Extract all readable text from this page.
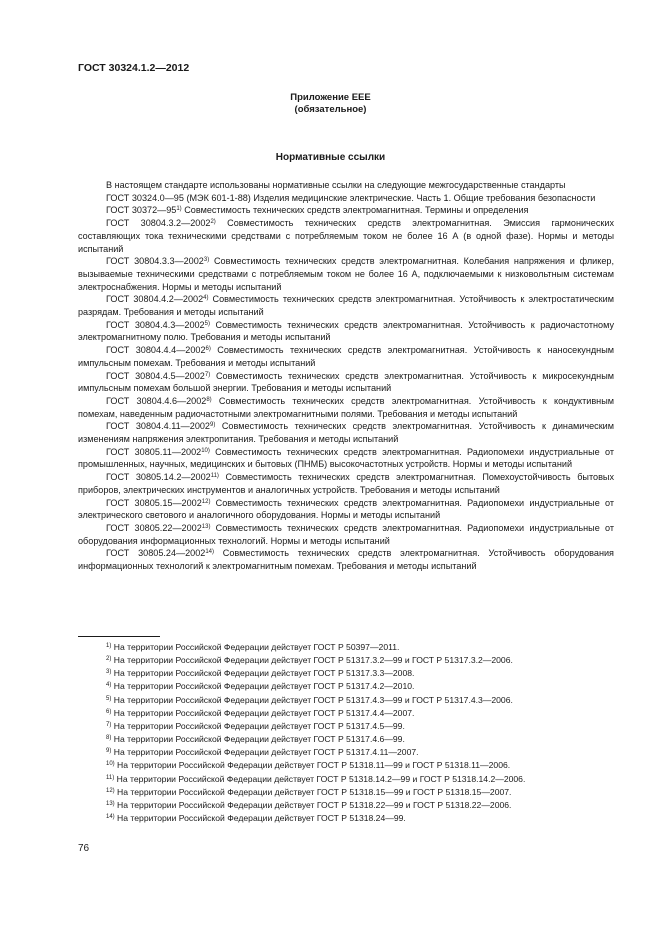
ГОСТ 30324.1.2—2012
Приложение ЕЕЕ
(обязательное)
Нормативные ссылки

В настоящем стандарте использованы нормативные ссылки на следующие межгосударственные стандарты

ГОСТ 30324.0—95 (МЭК 601-1-88) Изделия медицинские электрические. Часть 1. Общие требования безопасности

ГОСТ 30372—95$^{1)}$ Совместимость технических средств электромагнитная. Термины и определения

ГОСТ 30804.3.2—2002$^{2)}$ Совместимость технических средств электромагнитная. Эмиссия гармонических составляющих тока техническими средствами с потребляемым током не более 16 А (в одной фазе). Нормы и методы испытаний

ГОСТ 30804.3.3—2002$^{3)}$ Совместимость технических средств электромагнитная. Колебания напряжения и фликер, вызываемые техническими средствами с потребляемым током не более 16 А, подключаемыми к низковольтным системам электроснабжения. Нормы и методы испытаний

ГОСТ 30804.4.2—2002$^{4)}$ Совместимость технических средств электромагнитная. Устойчивость к электростатическим разрядам. Требования и методы испытаний

ГОСТ 30804.4.3—2002$^{5)}$ Совместимость технических средств электромагнитная. Устойчивость к радиочастотному электромагнитному полю. Требования и методы испытаний

ГОСТ 30804.4.4—2002$^{6)}$ Совместимость технических средств электромагнитная. Устойчивость к наносекундным импульсным помехам. Требования и методы испытаний

ГОСТ 30804.4.5—2002$^{7)}$ Совместимость технических средств электромагнитная. Устойчивость к микросекундным импульсным помехам большой энергии. Требования и методы испытаний

ГОСТ 30804.4.6—2002$^{8)}$ Совместимость технических средств электромагнитная. Устойчивость к кондуктивным помехам, наведенным радиочастотными электромагнитными полями. Требования и методы испытаний

ГОСТ 30804.4.11—2002$^{9)}$ Совместимость технических средств электромагнитная. Устойчивость к динамическим изменениям напряжения электропитания. Требования и методы испытаний

ГОСТ 30805.11—2002$^{10)}$ Совместимость технических средств электромагнитная. Радиопомехи индустриальные от промышленных, научных, медицинских и бытовых (ПНМБ) высокочастотных устройств. Нормы и методы испытаний

ГОСТ 30805.14.2—2002$^{11)}$ Совместимость технических средств электромагнитная. Помехоустойчивость бытовых приборов, электрических инструментов и аналогичных устройств. Требования и методы испытаний

ГОСТ 30805.15—2002$^{12)}$ Совместимость технических средств электромагнитная. Радиопомехи индустриальные от электрического светового и аналогичного оборудования. Нормы и методы испытаний

ГОСТ 30805.22—2002$^{13)}$ Совместимость технических средств электромагнитная. Радиопомехи индустриальные от оборудования информационных технологий. Нормы и методы испытаний

ГОСТ 30805.24—2002$^{14)}$ Совместимость технических средств электромагнитная. Устойчивость оборудования информационных технологий к электромагнитным помехам. Требования и методы испытаний

$^{1)}$ На территории Российской Федерации действует ГОСТ Р 50397—2011.
$^{2)}$ На территории Российской Федерации действует ГОСТ Р 51317.3.2—99 и ГОСТ Р 51317.3.2—2006.
$^{3)}$ На территории Российской Федерации действует ГОСТ Р 51317.3.3—2008.
$^{4)}$ На территории Российской Федерации действует ГОСТ Р 51317.4.2—2010.
$^{5)}$ На территории Российской Федерации действует ГОСТ Р 51317.4.3—99 и ГОСТ Р 51317.4.3—2006.
$^{6)}$ На территории Российской Федерации действует ГОСТ Р 51317.4.4—2007.
$^{7)}$ На территории Российской Федерации действует ГОСТ Р 51317.4.5—99.
$^{8)}$ На территории Российской Федерации действует ГОСТ Р 51317.4.6—99.
$^{9)}$ На территории Российской Федерации действует ГОСТ Р 51317.4.11—2007.
$^{10)}$ На территории Российской Федерации действует ГОСТ Р 51318.11—99 и ГОСТ Р 51318.11—2006.
$^{11)}$ На территории Российской Федерации действует ГОСТ Р 51318.14.2—99 и ГОСТ Р 51318.14.2—2006.
$^{12)}$ На территории Российской Федерации действует ГОСТ Р 51318.15—99 и ГОСТ Р 51318.15—2007.
$^{13)}$ На территории Российской Федерации действует ГОСТ Р 51318.22—99 и ГОСТ Р 51318.22—2006.
$^{14)}$ На территории Российской Федерации действует ГОСТ Р 51318.24—99.
76
